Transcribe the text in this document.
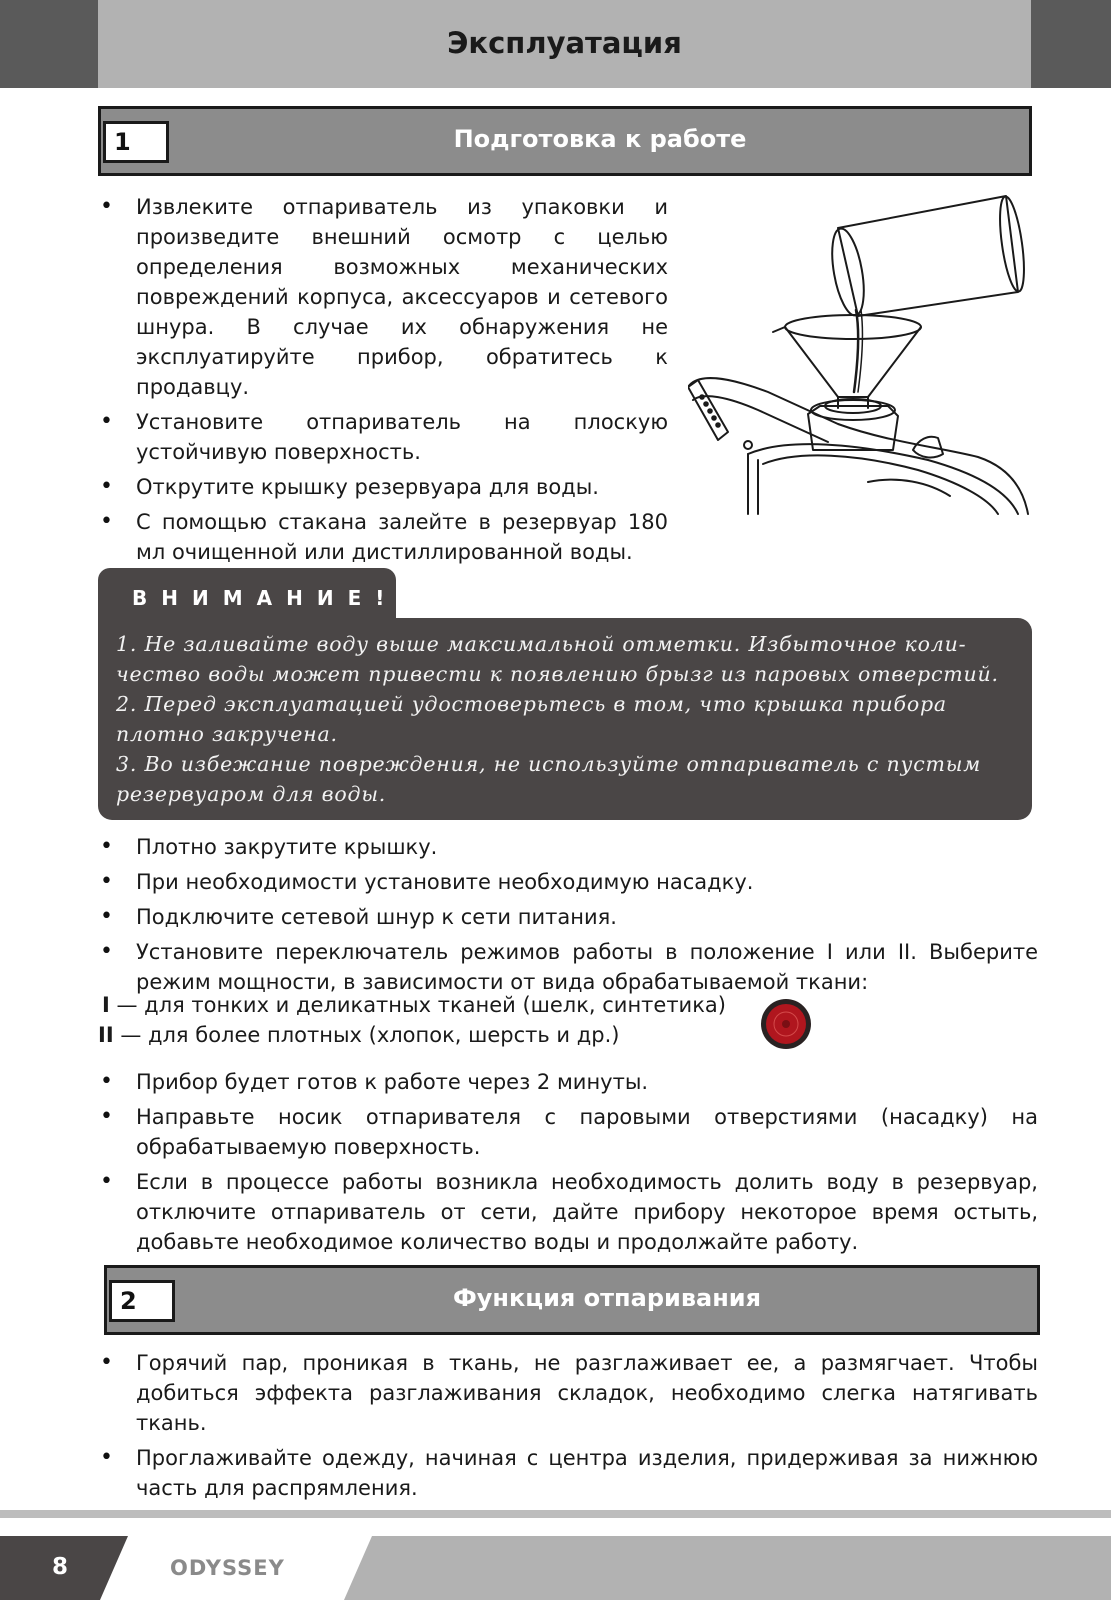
Эксплуатация
1	Подготовка к работе
• Извлеките отпариватель из упаковки и произведите внешний осмотр с целью определения возможных механических повреждений корпуса, аксессуаров и сетевого шнура. В случае их обнаружения не эксплуатируйте прибор, обратитесь к продавцу.
• Установите отпариватель на плоскую устойчивую поверхность.
• Открутите крышку резервуара для воды.
• С помощью стакана залейте в резервуар 180 мл очищенной или дистиллированной воды.
ВНИМАНИЕ!
1. Не заливайте воду выше максимальной отметки. Избыточное коли-
чество воды может привести к появлению брызг из паровых отверстий.
2. Перед эксплуатацией удостоверьтесь в том, что крышка прибора
плотно закручена.
3. Во избежание повреждения, не используйте отпариватель с пустым
резервуаром для воды.
• Плотно закрутите крышку.
• При необходимости установите необходимую насадку.
• Подключите сетевой шнур к сети питания.
• Установите переключатель режимов работы в положение I или II. Выберите режим мощности, в зависимости от вида обрабатываемой ткани:
I — для тонких и деликатных тканей (шелк, синтетика)
II — для более плотных (хлопок, шерсть и др.)
• Прибор будет готов к работе через 2 минуты.
• Направьте носик отпаривателя с паровыми отверстиями (насадку) на обрабатываемую поверхность.
• Если в процессе работы возникла необходимость долить воду в резервуар, отключите отпариватель от сети, дайте прибору некоторое время остыть, добавьте необходимое количество воды и продолжайте работу.
2	Функция отпаривания
• Горячий пар, проникая в ткань, не разглаживает ее, а размягчает. Чтобы добиться эффекта разглаживания складок, необходимо слегка натягивать ткань.
• Проглаживайте одежду, начиная с центра изделия, придерживая за нижнюю часть для распрямления.
8	ODYSSEY
